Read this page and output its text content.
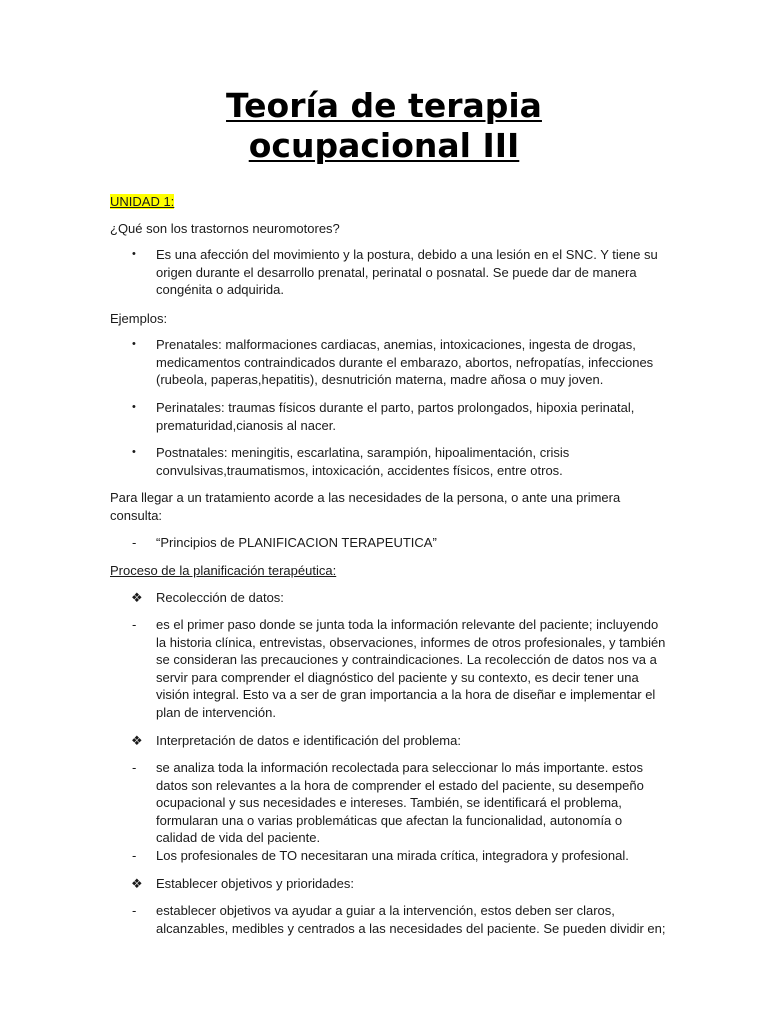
Teoría de terapia
ocupacional III
UNIDAD 1:
¿Qué son los trastornos neuromotores?
•	Es una afección del movimiento y la postura, debido a una lesión en el SNC. Y tiene su origen durante el desarrollo prenatal, perinatal o posnatal. Se puede dar de manera congénita o adquirida.
Ejemplos:
•	Prenatales: malformaciones cardiacas, anemias, intoxicaciones, ingesta de drogas, medicamentos contraindicados durante el embarazo, abortos, nefropatías, infecciones (rubeola, paperas,hepatitis), desnutrición materna, madre añosa o muy joven.
•	Perinatales: traumas físicos durante el parto, partos prolongados, hipoxia perinatal, prematuridad,cianosis al nacer.
•	Postnatales: meningitis, escarlatina, sarampión, hipoalimentación, crisis convulsivas,traumatismos, intoxicación, accidentes físicos, entre otros.
Para llegar a un tratamiento acorde a las necesidades de la persona, o ante una primera consulta:
-	“Principios de PLANIFICACION TERAPEUTICA”
Proceso de la planificación terapéutica:
❖	Recolección de datos:
-	es el primer paso donde se junta toda la información relevante del paciente; incluyendo la historia clínica, entrevistas, observaciones, informes de otros profesionales, y también se consideran las precauciones y contraindicaciones. La recolección de datos nos va a servir para comprender el diagnóstico del paciente y su contexto, es decir tener una visión integral. Esto va a ser de gran importancia a la hora de diseñar e implementar el plan de intervención.
❖	Interpretación de datos e identificación del problema:
-	se analiza toda la información recolectada para seleccionar lo más importante. estos datos son relevantes a la hora de comprender el estado del paciente, su desempeño ocupacional y sus necesidades e intereses. También, se identificará el problema, formularan una o varias problemáticas que afectan la funcionalidad, autonomía o calidad de vida del paciente.
-	Los profesionales de TO necesitaran una mirada crítica, integradora y profesional.
❖	Establecer objetivos y prioridades:
-	establecer objetivos va ayudar a guiar a la intervención, estos deben ser claros, alcanzables, medibles y centrados a las necesidades del paciente. Se pueden dividir en;
